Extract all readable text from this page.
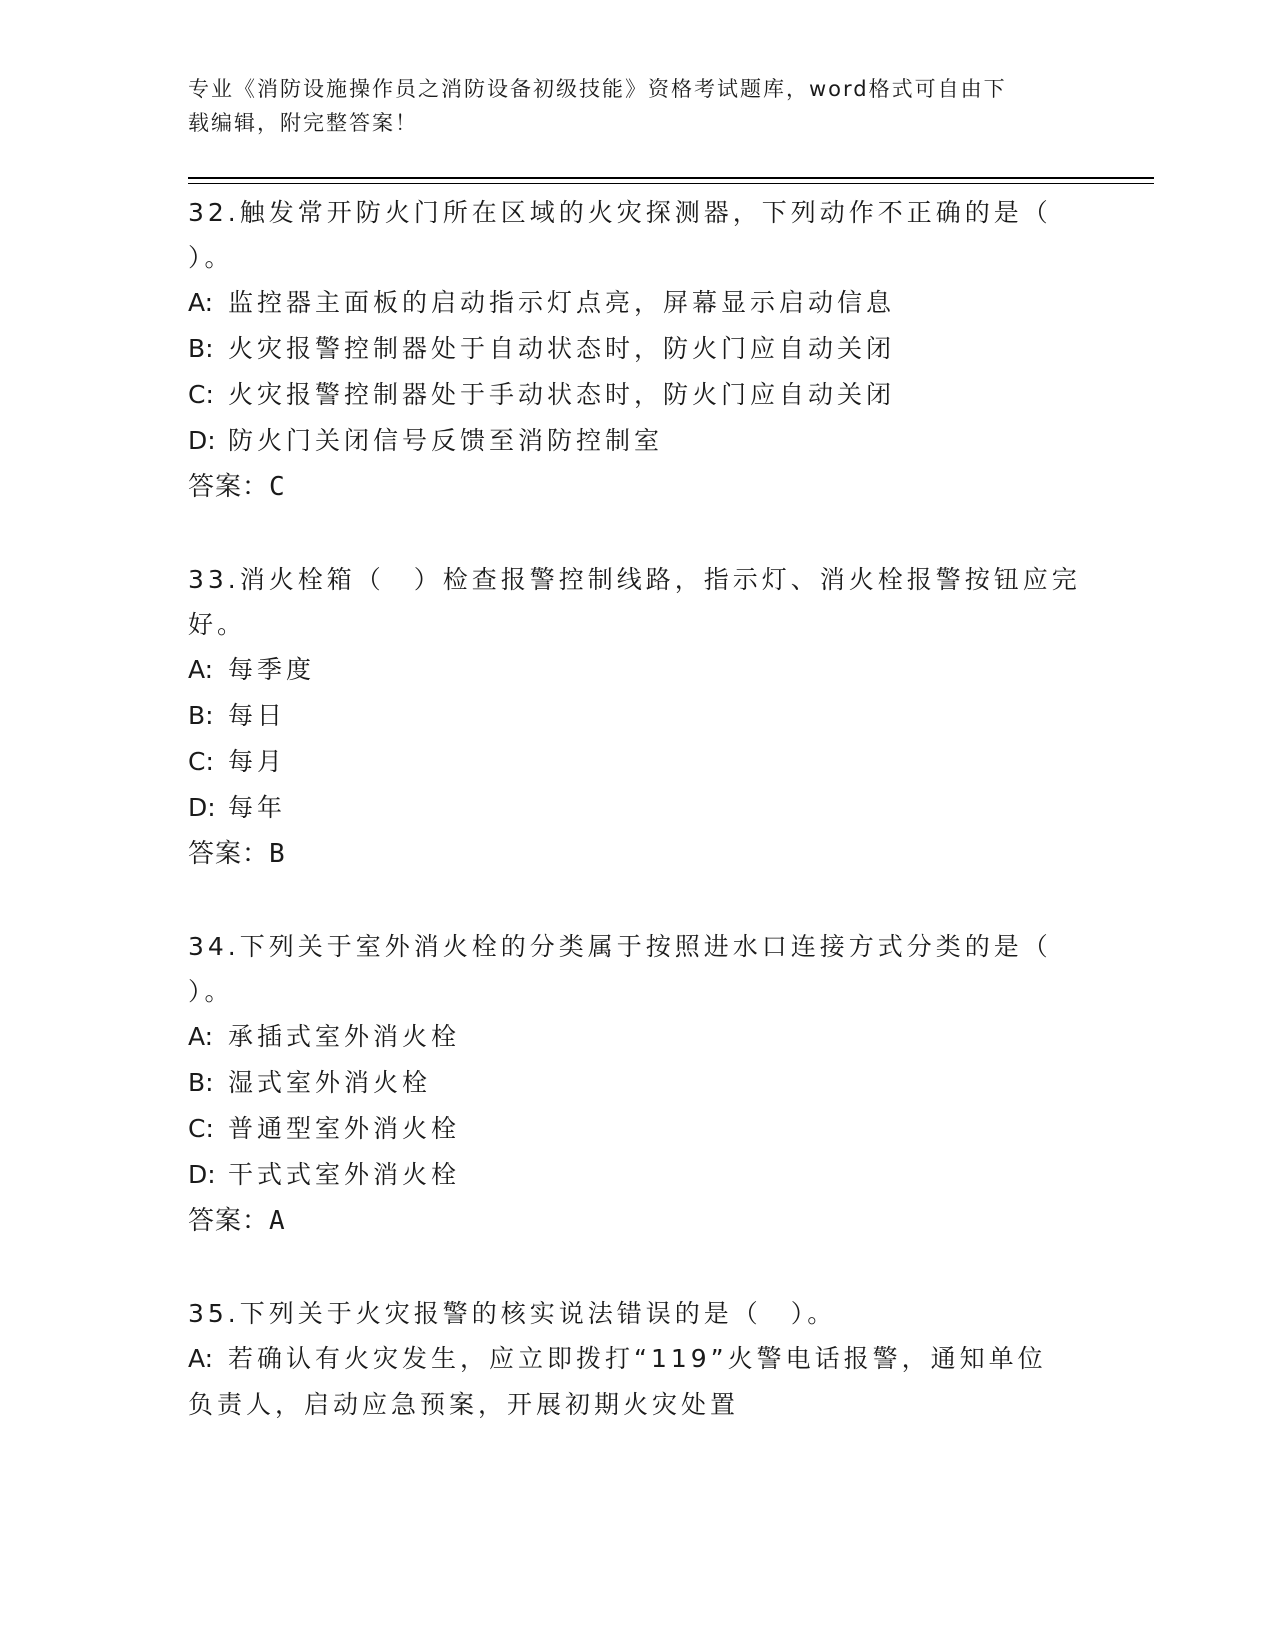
专业《消防设施操作员之消防设备初级技能》资格考试题库，word格式可自由下
载编辑，附完整答案！

32.触发常开防火门所在区域的火灾探测器，下列动作不正确的是（

）。

A: 监控器主面板的启动指示灯点亮，屏幕显示启动信息

B: 火灾报警控制器处于自动状态时，防火门应自动关闭

C: 火灾报警控制器处于手动状态时，防火门应自动关闭

D: 防火门关闭信号反馈至消防控制室

答案：C

33.消火栓箱（　）检查报警控制线路，指示灯、消火栓报警按钮应完

好。

A: 每季度

B: 每日

C: 每月

D: 每年

答案：B

34.下列关于室外消火栓的分类属于按照进水口连接方式分类的是（

）。

A: 承插式室外消火栓

B: 湿式室外消火栓

C: 普通型室外消火栓

D: 干式式室外消火栓

答案：A

35.下列关于火灾报警的核实说法错误的是（　）。

A: 若确认有火灾发生，应立即拨打“119”火警电话报警，通知单位

负责人，启动应急预案，开展初期火灾处置
